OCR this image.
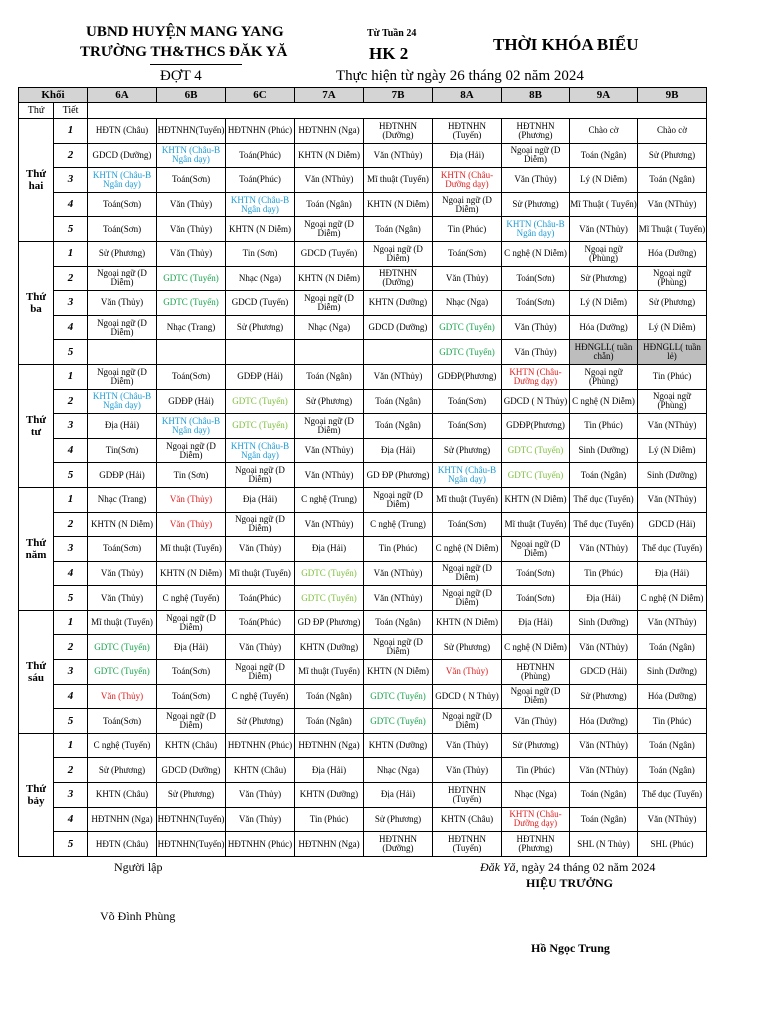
UBND HUYỆN MANG YANG
TRƯỜNG TH&THCS ĐĂK YĂ
Từ Tuần 24
HK 2	THỜI KHÓA BIỂU
ĐỢT 4	Thực hiện từ ngày 26 tháng 02 năm 2024
Khối		6A	6B	6C	7A	7B	8A	8B	9A	9B
Thứ	Tiết									
Thứ
hai	1	HĐTN (Châu)	HĐTNHN(Tuyến)	HĐTNHN (Phúc)	HĐTNHN (Nga)	HĐTNHN (Dưỡng)	HĐTNHN (Tuyến)	HĐTNHN (Phương)	Chào cờ	Chào cờ
	2	GDCD (Dưỡng)	KHTN (Châu-B Ngân dạy)	Toán(Phúc)	KHTN (N Diễm)	Văn (NThủy)	Địa (Hải)	Ngoại ngữ (D Diễm)	Toán (Ngân)	Sử (Phương)
	3	KHTN (Châu-B Ngân dạy)	Toán(Sơn)	Toán(Phúc)	Văn (NThủy)	Mĩ thuật (Tuyến)	KHTN (Châu-Dưỡng dạy)	Văn (Thủy)	Lý (N Diễm)	Toán (Ngân)
	4	Toán(Sơn)	Văn (Thủy)	KHTN (Châu-B Ngân dạy)	Toán (Ngân)	KHTN (N Diễm)	Ngoại ngữ (D Diễm)	Sử (Phương)	Mĩ Thuật ( Tuyến)	Văn (NThủy)
	5	Toán(Sơn)	Văn (Thủy)	KHTN (N Diễm)	Ngoại ngữ (D Diễm)	Toán (Ngân)	Tin (Phúc)	KHTN (Châu-B Ngân dạy)	Văn (NThủy)	Mĩ Thuật ( Tuyến)
Thứ
ba	1	Sử (Phương)	Văn (Thủy)	Tin (Sơn)	GDCD (Tuyến)	Ngoại ngữ (D Diễm)	Toán(Sơn)	C nghệ (N Diễm)	Ngoại ngữ (Phùng)	Hóa (Dưỡng)
	2	Ngoại ngữ (D Diễm)	GDTC (Tuyến)	Nhạc (Nga)	KHTN (N Diễm)	HĐTNHN (Dưỡng)	Văn (Thủy)	Toán(Sơn)	Sử (Phương)	Ngoại ngữ (Phùng)
	3	Văn (Thủy)	GDTC (Tuyến)	GDCD (Tuyến)	Ngoại ngữ (D Diễm)	KHTN (Dưỡng)	Nhạc (Nga)	Toán(Sơn)	Lý (N Diễm)	Sử (Phương)
	4	Ngoại ngữ (D Diễm)	Nhạc (Trang)	Sử (Phương)	Nhạc (Nga)	GDCD (Dưỡng)	GDTC (Tuyến)	Văn (Thủy)	Hóa (Dưỡng)	Lý (N Diễm)
	5						GDTC (Tuyến)	Văn (Thủy)	HĐNGLL( tuần chẵn)	HĐNGLL( tuần lẻ)
Thứ
tư	1	Ngoại ngữ (D Diễm)	Toán(Sơn)	GDĐP (Hải)	Toán (Ngân)	Văn (NThủy)	GDĐP(Phương)	KHTN (Châu-Dưỡng dạy)	Ngoại ngữ (Phùng)	Tin (Phúc)
	2	KHTN (Châu-B Ngân dạy)	GDĐP (Hải)	GDTC (Tuyến)	Sử (Phương)	Toán (Ngân)	Toán(Sơn)	GDCD ( N Thủy)	C nghệ (N Diễm)	Ngoại ngữ (Phùng)
	3	Địa (Hải)	KHTN (Châu-B Ngân dạy)	GDTC (Tuyến)	Ngoại ngữ (D Diễm)	Toán (Ngân)	Toán(Sơn)	GDĐP(Phương)	Tin (Phúc)	Văn (NThủy)
	4	Tin(Sơn)	Ngoại ngữ (D Diễm)	KHTN (Châu-B Ngân dạy)	Văn (NThủy)	Địa (Hải)	Sử (Phương)	GDTC (Tuyến)	Sinh (Dưỡng)	Lý (N Diễm)
	5	GDĐP (Hải)	Tin (Sơn)	Ngoại ngữ (D Diễm)	Văn (NThủy)	GD ĐP (Phương)	KHTN (Châu-B Ngân dạy)	GDTC (Tuyến)	Toán (Ngân)	Sinh (Dưỡng)
Thứ
năm	1	Nhạc (Trang)	Văn (Thủy)	Địa (Hải)	C nghệ (Trung)	Ngoại ngữ (D Diễm)	Mĩ thuật (Tuyến)	KHTN (N Diễm)	Thể dục (Tuyến)	Văn (NThủy)
	2	KHTN (N Diễm)	Văn (Thủy)	Ngoại ngữ (D Diễm)	Văn (NThủy)	C nghệ (Trung)	Toán(Sơn)	Mĩ thuật (Tuyến)	Thể dục (Tuyến)	GDCD (Hải)
	3	Toán(Sơn)	Mĩ thuật (Tuyến)	Văn (Thủy)	Địa (Hải)	Tin (Phúc)	C nghệ (N Diễm)	Ngoại ngữ (D Diễm)	Văn (NThủy)	Thể dục (Tuyến)
	4	Văn (Thủy)	KHTN (N Diễm)	Mĩ thuật (Tuyến)	GDTC (Tuyến)	Văn (NThủy)	Ngoại ngữ (D Diễm)	Toán(Sơn)	Tin (Phúc)	Địa (Hải)
	5	Văn (Thủy)	C nghệ (Tuyến)	Toán(Phúc)	GDTC (Tuyến)	Văn (NThủy)	Ngoại ngữ (D Diễm)	Toán(Sơn)	Địa (Hải)	C nghệ (N Diễm)
Thứ
sáu	1	Mĩ thuật (Tuyến)	Ngoại ngữ (D Diễm)	Toán(Phúc)	GD ĐP (Phương)	Toán (Ngân)	KHTN (N Diễm)	Địa (Hải)	Sinh (Dưỡng)	Văn (NThủy)
	2	GDTC (Tuyến)	Địa (Hải)	Văn (Thủy)	KHTN (Dưỡng)	Ngoại ngữ (D Diễm)	Sử (Phương)	C nghệ (N Diễm)	Văn (NThủy)	Toán (Ngân)
	3	GDTC (Tuyến)	Toán(Sơn)	Ngoại ngữ (D Diễm)	Mĩ thuật (Tuyến)	KHTN (N Diễm)	Văn (Thủy)	HĐTNHN (Phùng)	GDCD (Hải)	Sinh (Dưỡng)
	4	Văn (Thủy)	Toán(Sơn)	C nghệ (Tuyến)	Toán (Ngân)	GDTC (Tuyến)	GDCD ( N Thủy)	Ngoại ngữ (D Diễm)	Sử (Phương)	Hóa (Dưỡng)
	5	Toán(Sơn)	Ngoại ngữ (D Diễm)	Sử (Phương)	Toán (Ngân)	GDTC (Tuyến)	Ngoại ngữ (D Diễm)	Văn (Thủy)	Hóa (Dưỡng)	Tin (Phúc)
Thứ
bảy	1	C nghệ (Tuyến)	KHTN (Châu)	HĐTNHN (Phúc)	HĐTNHN (Nga)	KHTN (Dưỡng)	Văn (Thủy)	Sử (Phương)	Văn (NThủy)	Toán (Ngân)
	2	Sử (Phương)	GDCD (Dưỡng)	KHTN (Châu)	Địa (Hải)	Nhạc (Nga)	Văn (Thủy)	Tin (Phúc)	Văn (NThủy)	Toán (Ngân)
	3	KHTN (Châu)	Sử (Phương)	Văn (Thủy)	KHTN (Dưỡng)	Địa (Hải)	HĐTNHN (Tuyến)	Nhạc (Nga)	Toán (Ngân)	Thể dục (Tuyến)
	4	HĐTNHN (Nga)	HĐTNHN(Tuyến)	Văn (Thủy)	Tin (Phúc)	Sử (Phương)	KHTN (Châu)	KHTN (Châu-Dưỡng dạy)	Toán (Ngân)	Văn (NThủy)
	5	HĐTN (Châu)	HĐTNHN(Tuyến)	HĐTNHN (Phúc)	HĐTNHN (Nga)	HĐTNHN (Dưỡng)	HĐTNHN (Tuyến)	HĐTNHN (Phương)	SHL (N Thủy)	SHL (Phúc)
Người lập	Đăk Yă, ngày 24 tháng 02 năm 2024
HIỆU TRƯỞNG
Võ Đình Phùng
Hồ Ngọc Trung
